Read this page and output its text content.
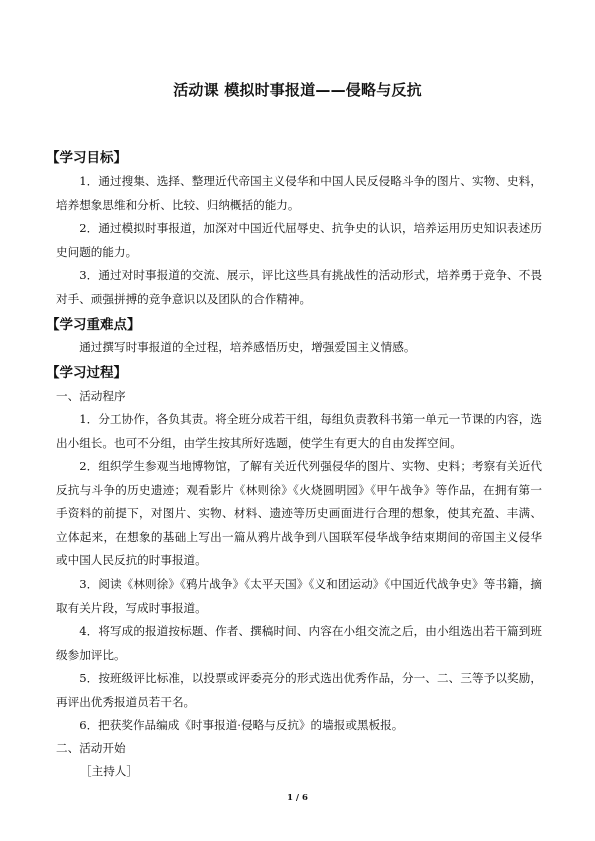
活动课 模拟时事报道——侵略与反抗
【学习目标】

1．通过搜集、选择、整理近代帝国主义侵华和中国人民反侵略斗争的图片、实物、史料，培养想象思维和分析、比较、归纳概括的能力。

2．通过模拟时事报道，加深对中国近代屈辱史、抗争史的认识，培养运用历史知识表述历史问题的能力。

3．通过对时事报道的交流、展示，评比这些具有挑战性的活动形式，培养勇于竞争、不畏对手、顽强拼搏的竞争意识以及团队的合作精神。

【学习重难点】

通过撰写时事报道的全过程，培养感悟历史，增强爱国主义情感。

【学习过程】
一、活动程序

1．分工协作，各负其责。将全班分成若干组，每组负责教科书第一单元一节课的内容，选出小组长。也可不分组，由学生按其所好选题，使学生有更大的自由发挥空间。

2．组织学生参观当地博物馆，了解有关近代列强侵华的图片、实物、史料；考察有关近代反抗与斗争的历史遗迹；观看影片《林则徐》《火烧圆明园》《甲午战争》等作品，在拥有第一手资料的前提下，对图片、实物、材料、遗迹等历史画面进行合理的想象，使其充盈、丰满、立体起来，在想象的基础上写出一篇从鸦片战争到八国联军侵华战争结束期间的帝国主义侵华或中国人民反抗的时事报道。

3．阅读《林则徐》《鸦片战争》《太平天国》《义和团运动》《中国近代战争史》等书籍，摘取有关片段，写成时事报道。

4．将写成的报道按标题、作者、撰稿时间、内容在小组交流之后，由小组选出若干篇到班级参加评比。

5．按班级评比标准，以投票或评委亮分的形式选出优秀作品，分一、二、三等予以奖励，再评出优秀报道员若干名。

6．把获奖作品编成《时事报道·侵略与反抗》的墙报或黑板报。

二、活动开始
［主持人］
1 / 6
